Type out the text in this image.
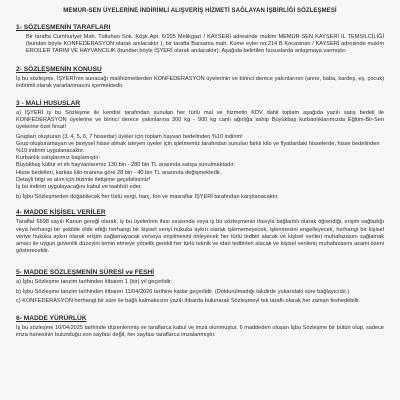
MEMUR-SEN ÜYELERİNE İNDİRİMLİ ALIŞVERİŞ HİZMETİ SAĞLAYAN İŞBİRLİĞİ SÖZLEŞMESİ
1- SÖZLEŞMENİN TARAFLARI

Bir tarafta Cumhuriyet Mah. Tutluhan Sok. Köşk Apt. 6/105 Melikgazi / KAYSERİ adresinde mukim MEMUR-SEN KAYSERİ İL TEMSİLCİLİĞİ (bundan böyle KONFEDERASYON olarak anılacaktır ), bir tarafta Barsama mah. Kume evler no:214 B Kocasinan / KAYSERİ adresinde mukim EROILER TARIM VE HAYVANCILIK (bundan böyle İŞYERİ olarak anılacaktır). Aşağıda belirtilen hususlarda anlaşmaya varmıştır.

2- SÖZLEŞMENİN KONUSU

İş bu sözleşme, İŞYERİ'nin sunacağı mal/hizmetlerden KONFEDERASYON üyelerinin ve birinci derece yakınlarının (anne, baba, kardeş, eş, çocuk) indirimli olarak yararlanmasını içermektedir.

3 - MALİ HUSUSLAR

a) İŞYERİ iş bu Sözleşme ile kendisi tarafından sunulan her türlü mal ve hizmetin KDV dahil toplam aşağıda yazılı satış bedeli ile KONFEDERASYON üyelerine ve birinci derece yakınlarına 300 kg - 900 kg canlı ağırlığa sahip Büyükbaş kurbanlıklarımızda Eğitim-Bir-Sen üyelerine özel fırsat!

Grupları oluşturan (3, 4, 5, 6, 7 hissedar) üyeler için toplam hayvan bedelinden %10 indirim!

Grup oluşturamayan ve bireysel hisse almak isteyen üyeler için işletmemiz tarafından sunulan farklı kilo ve fiyatlardaki hisselerde, hisse bedelinden %10 indirim uygulanacaktır.

Kurbanlık satışlarımız başlamıştır:

Büyükbaş kültür et ırk hayvanlarımız 130 bin - 280 bin TL arasında satışa sunulmaktadır.

Hisse bedelleri, karkas kilo oranına göre 28 bin - 40 bin TL arasında değişmektedir.

Detaylı bilgi ve alım için bizimle iletişime geçebilirsiniz!

İş bu indirim uygulayacağını kabul ve taahhüt eder.

b) İşbu Sözleşmeden doğabilecek her türlü vergi, harç, fon ve masraflar İŞYERİ tarafından karşılanacaktır.

4- MADDE KİŞİSEL VERİLER

Taraflar 6698 sayılı Kanun gereği olarak, iş bu üyelerinin ifası sırasında veya iş bu sözleşmenin ifasıyla bağlantılı olarak öğrendiği, erişim sağladığı veya herhangi bir şekilde elde ettiği herhangi bir kişisel veriyi hukuka aykırı olarak işlememeyecek, işlenmesini engelleyecek, herhangi bir kişisel veriye hukuka aykırı olarak erişim sağlamayacak ve/veya erişilmesini önleyecek her türlü tedbiri alacak ve kişisel verileri muhafazasını sağlamak amacı ile uygun güvenlik düzeyini temin etmeye yönelik gerekli her türlü teknik ve idari tedbirleri alacak ve kişisel verilerin muhafazasını azami özeni gösterecektir.

5- MADDE SÖZLEŞMENİN SÜRESİ ve FESHİ

a) İşbu Sözleşme tanzim tarihinden itibaren 1 (bir) yıl geçerlidir.

b) İşbu Sözleşme tanzim tarihinden itibaren 11/04/2026 tarihine kadar geçerlidir. (Doldurulmadığı takdirde yukarıdaki süre bağlayıcıdır.)

c) KONFEDERASYON herhangi bir süre ile bağlı kalmaksızın yazılı ihbarda bulunarak Sözleşmeyi tek taraflı olarak her zaman feshedebilir.

6- MADDE YÜRÜRLÜK

İş bu sözleşme 10/04/2025 tarihinde düzenlenmiş ve taraflarca kabul ve imza olunmuştur. 6 maddeden oluşan İşbu Sözleşme bir bütün olup, sadece imza hanesinin bulunduğu son sayfası değil, her sayfası taraflarca imzalanmıştır.
